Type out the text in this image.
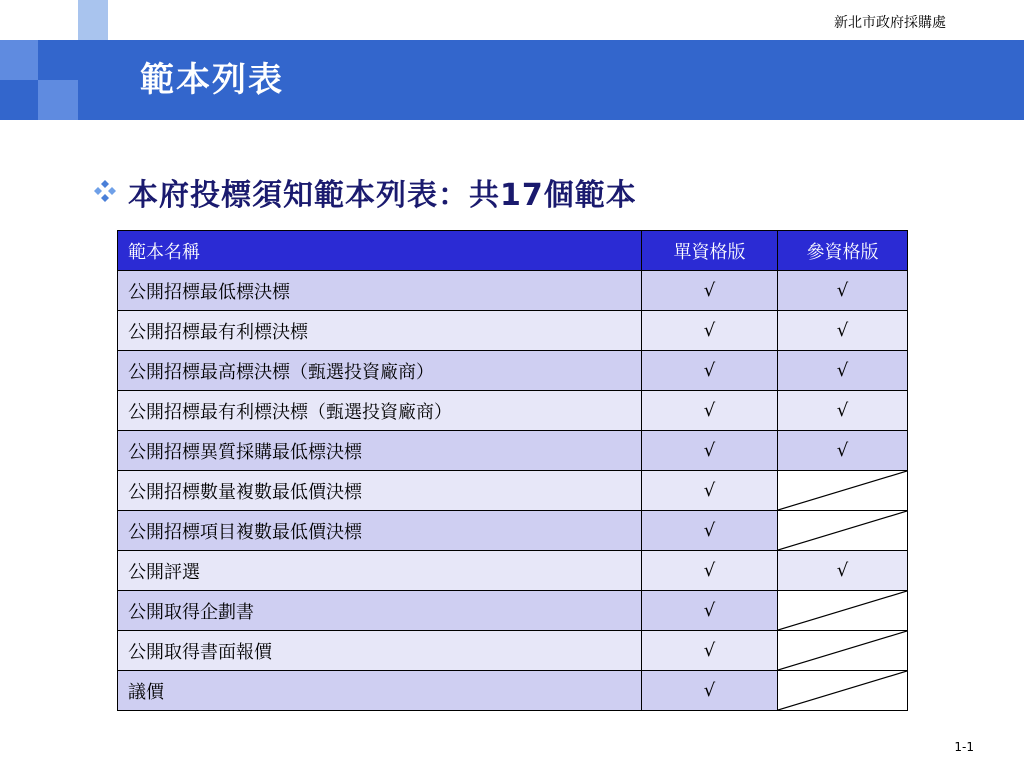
範本列表
新北市政府採購處
本府投標須知範本列表：共17個範本
範本名稱	單資格版	參資格版
公開招標最低標決標	√	√
公開招標最有利標決標	√	√
公開招標最高標決標（甄選投資廠商）	√	√
公開招標最有利標決標（甄選投資廠商）	√	√
公開招標異質採購最低標決標	√	√
公開招標數量複數最低價決標	√	

公開招標項目複數最低價決標	√	

公開評選	√	√
公開取得企劃書	√	

公開取得書面報價	√	

議價	√	
1-1
